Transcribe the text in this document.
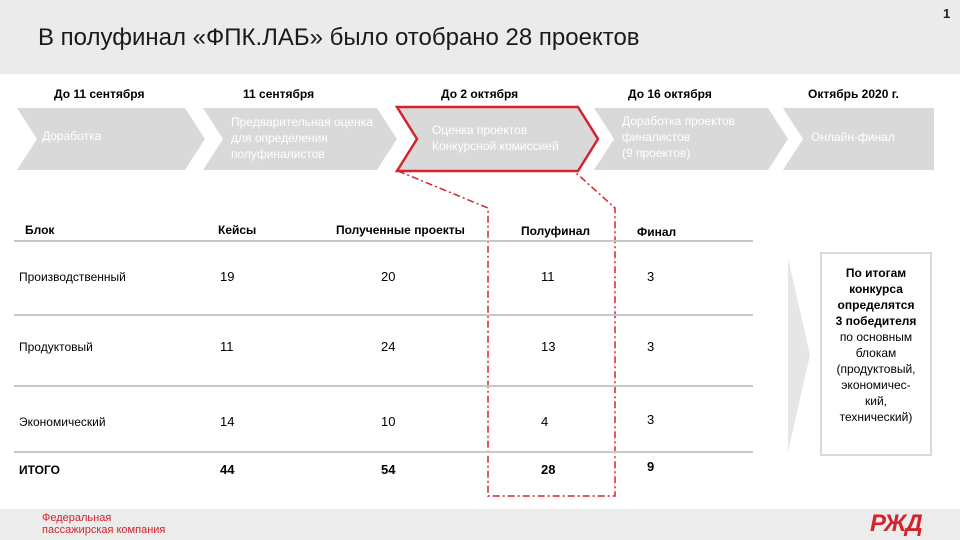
В полуфинал «ФПК.ЛАБ» было отобрано 28 проектов
1
До 11 сентября	11 сентября	До 2 октября	До 16 октября	Октябрь 2020 г.
Доработка
Предварительная оценка
для определения
полуфиналистов
Оценка проектов
Конкурсной комиссией
Доработка проектов
финалистов
(9 проектов)
Онлайн-финал
Блок	Кейсы	Полученные проекты	Полуфинал	Финал
Производственный	19	20	11	3
Продуктовый	11	24	13	3
Экономический	14	10	4	3
ИТОГО	44	54	28	9
По итогам
конкурса
определятся
3 победителя
по основным
блокам
(продуктовый,
экономичес-
кий,
технический)
Федеральная
пассажирская компания	РЖД
